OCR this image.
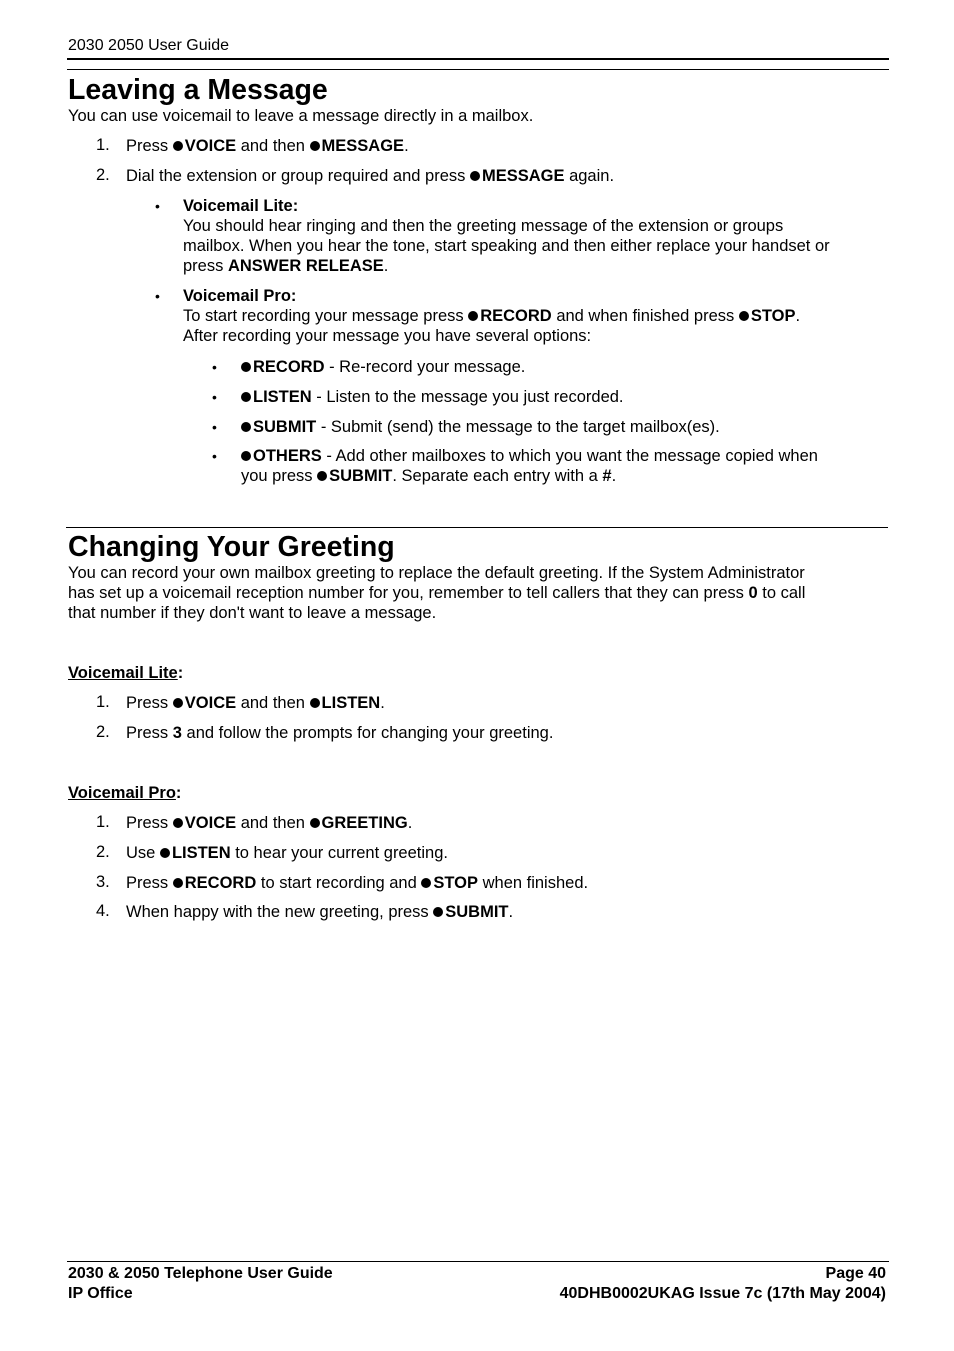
2030 2050 User Guide
Leaving a Message
You can use voicemail to leave a message directly in a mailbox.
1. Press VOICE and then MESSAGE.
2. Dial the extension or group required and press MESSAGE again.
• Voicemail Lite:
You should hear ringing and then the greeting message of the extension or groups
mailbox. When you hear the tone, start speaking and then either replace your handset or
press ANSWER RELEASE.
• Voicemail Pro:
To start recording your message press RECORD and when finished press STOP.
After recording your message you have several options:
•	RECORD - Re-record your message.
•	LISTEN - Listen to the message you just recorded.
•	SUBMIT - Submit (send) the message to the target mailbox(es).
•	OTHERS - Add other mailboxes to which you want the message copied when
you press SUBMIT. Separate each entry with a #.
Changing Your Greeting
You can record your own mailbox greeting to replace the default greeting. If the System Administrator
has set up a voicemail reception number for you, remember to tell callers that they can press 0 to call
that number if they don't want to leave a message.
Voicemail Lite:
1. Press VOICE and then LISTEN.
2. Press 3 and follow the prompts for changing your greeting.
Voicemail Pro:
1. Press VOICE and then GREETING.
2. Use LISTEN to hear your current greeting.
3. Press RECORD to start recording and STOP when finished.
4. When happy with the new greeting, press SUBMIT.
2030 & 2050 Telephone User Guide
IP Office
Page 40
40DHB0002UKAG Issue 7c (17th May 2004)
